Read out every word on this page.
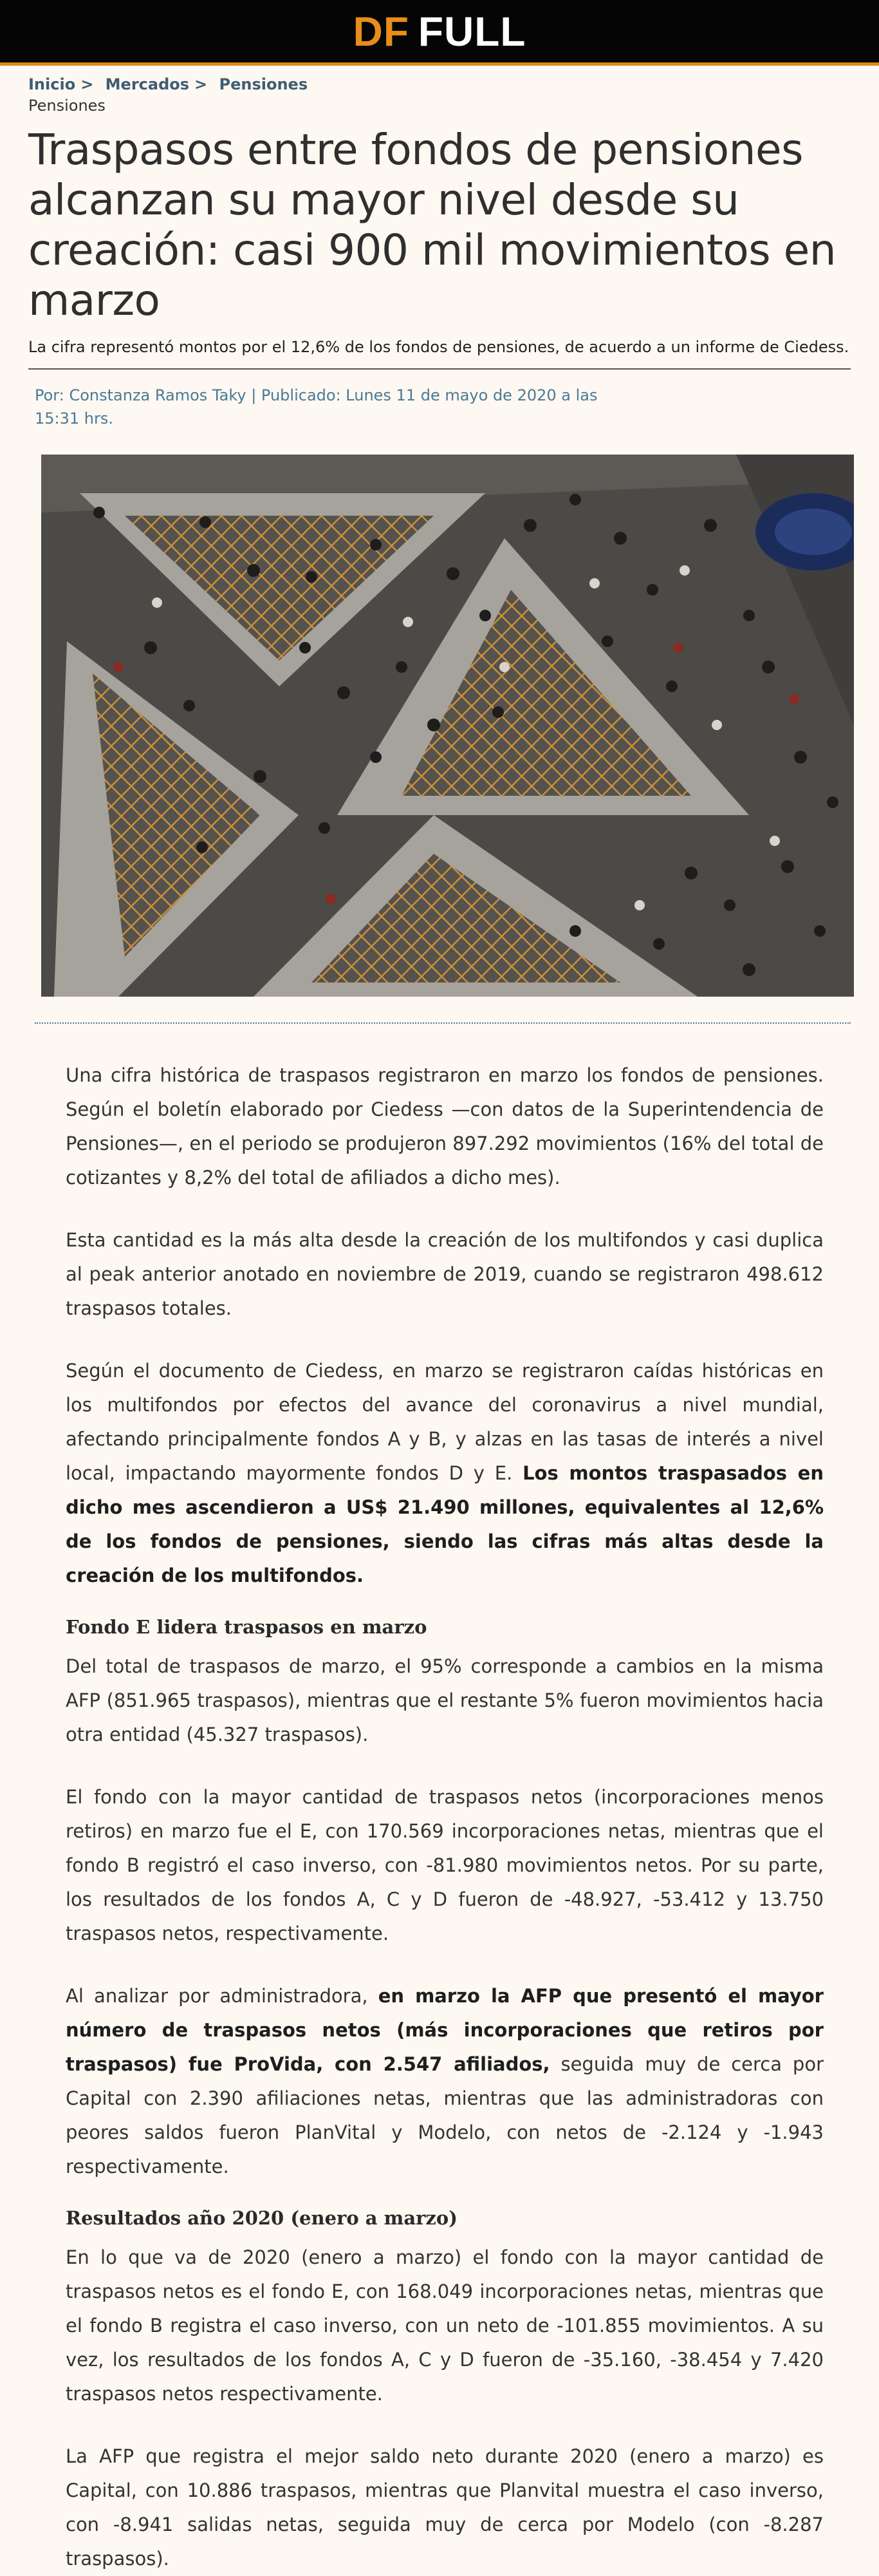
DF FULL
Inicio > Mercados > Pensiones
Pensiones
Traspasos entre fondos de pensiones alcanzan su mayor nivel desde su creación: casi 900 mil movimientos en marzo
La cifra representó montos por el 12,6% de los fondos de pensiones, de acuerdo a un informe de Ciedess.
Por: Constanza Ramos Taky | Publicado: Lunes 11 de mayo de 2020 a las 15:31 hrs.

Una cifra histórica de traspasos registraron en marzo los fondos de pensiones. Según el boletín elaborado por Ciedess —con datos de la Superintendencia de Pensiones—, en el periodo se produjeron 897.292 movimientos (16% del total de cotizantes y 8,2% del total de afiliados a dicho mes).

Esta cantidad es la más alta desde la creación de los multifondos y casi duplica al peak anterior anotado en noviembre de 2019, cuando se registraron 498.612 traspasos totales.

Según el documento de Ciedess, en marzo se registraron caídas históricas en los multifondos por efectos del avance del coronavirus a nivel mundial, afectando principalmente fondos A y B, y alzas en las tasas de interés a nivel local, impactando mayormente fondos D y E. Los montos traspasados en dicho mes ascendieron a US$ 21.490 millones, equivalentes al 12,6% de los fondos de pensiones, siendo las cifras más altas desde la creación de los multifondos.

Fondo E lidera traspasos en marzo

Del total de traspasos de marzo, el 95% corresponde a cambios en la misma AFP (851.965 traspasos), mientras que el restante 5% fueron movimientos hacia otra entidad (45.327 traspasos).

El fondo con la mayor cantidad de traspasos netos (incorporaciones menos retiros) en marzo fue el E, con 170.569 incorporaciones netas, mientras que el fondo B registró el caso inverso, con -81.980 movimientos netos. Por su parte, los resultados de los fondos A, C y D fueron de -48.927, -53.412 y 13.750 traspasos netos, respectivamente.

Al analizar por administradora, en marzo la AFP que presentó el mayor número de traspasos netos (más incorporaciones que retiros por traspasos) fue ProVida, con 2.547 afiliados, seguida muy de cerca por Capital con 2.390 afiliaciones netas, mientras que las administradoras con peores saldos fueron PlanVital y Modelo, con netos de -2.124 y -1.943 respectivamente.

Resultados año 2020 (enero a marzo)

En lo que va de 2020 (enero a marzo) el fondo con la mayor cantidad de traspasos netos es el fondo E, con 168.049 incorporaciones netas, mientras que el fondo B registra el caso inverso, con un neto de -101.855 movimientos. A su vez, los resultados de los fondos A, C y D fueron de -35.160, -38.454 y 7.420 traspasos netos respectivamente.

La AFP que registra el mejor saldo neto durante 2020 (enero a marzo) es Capital, con 10.886 traspasos, mientras que Planvital muestra el caso inverso, con -8.941 salidas netas, seguida muy de cerca por Modelo (con -8.287 traspasos).
